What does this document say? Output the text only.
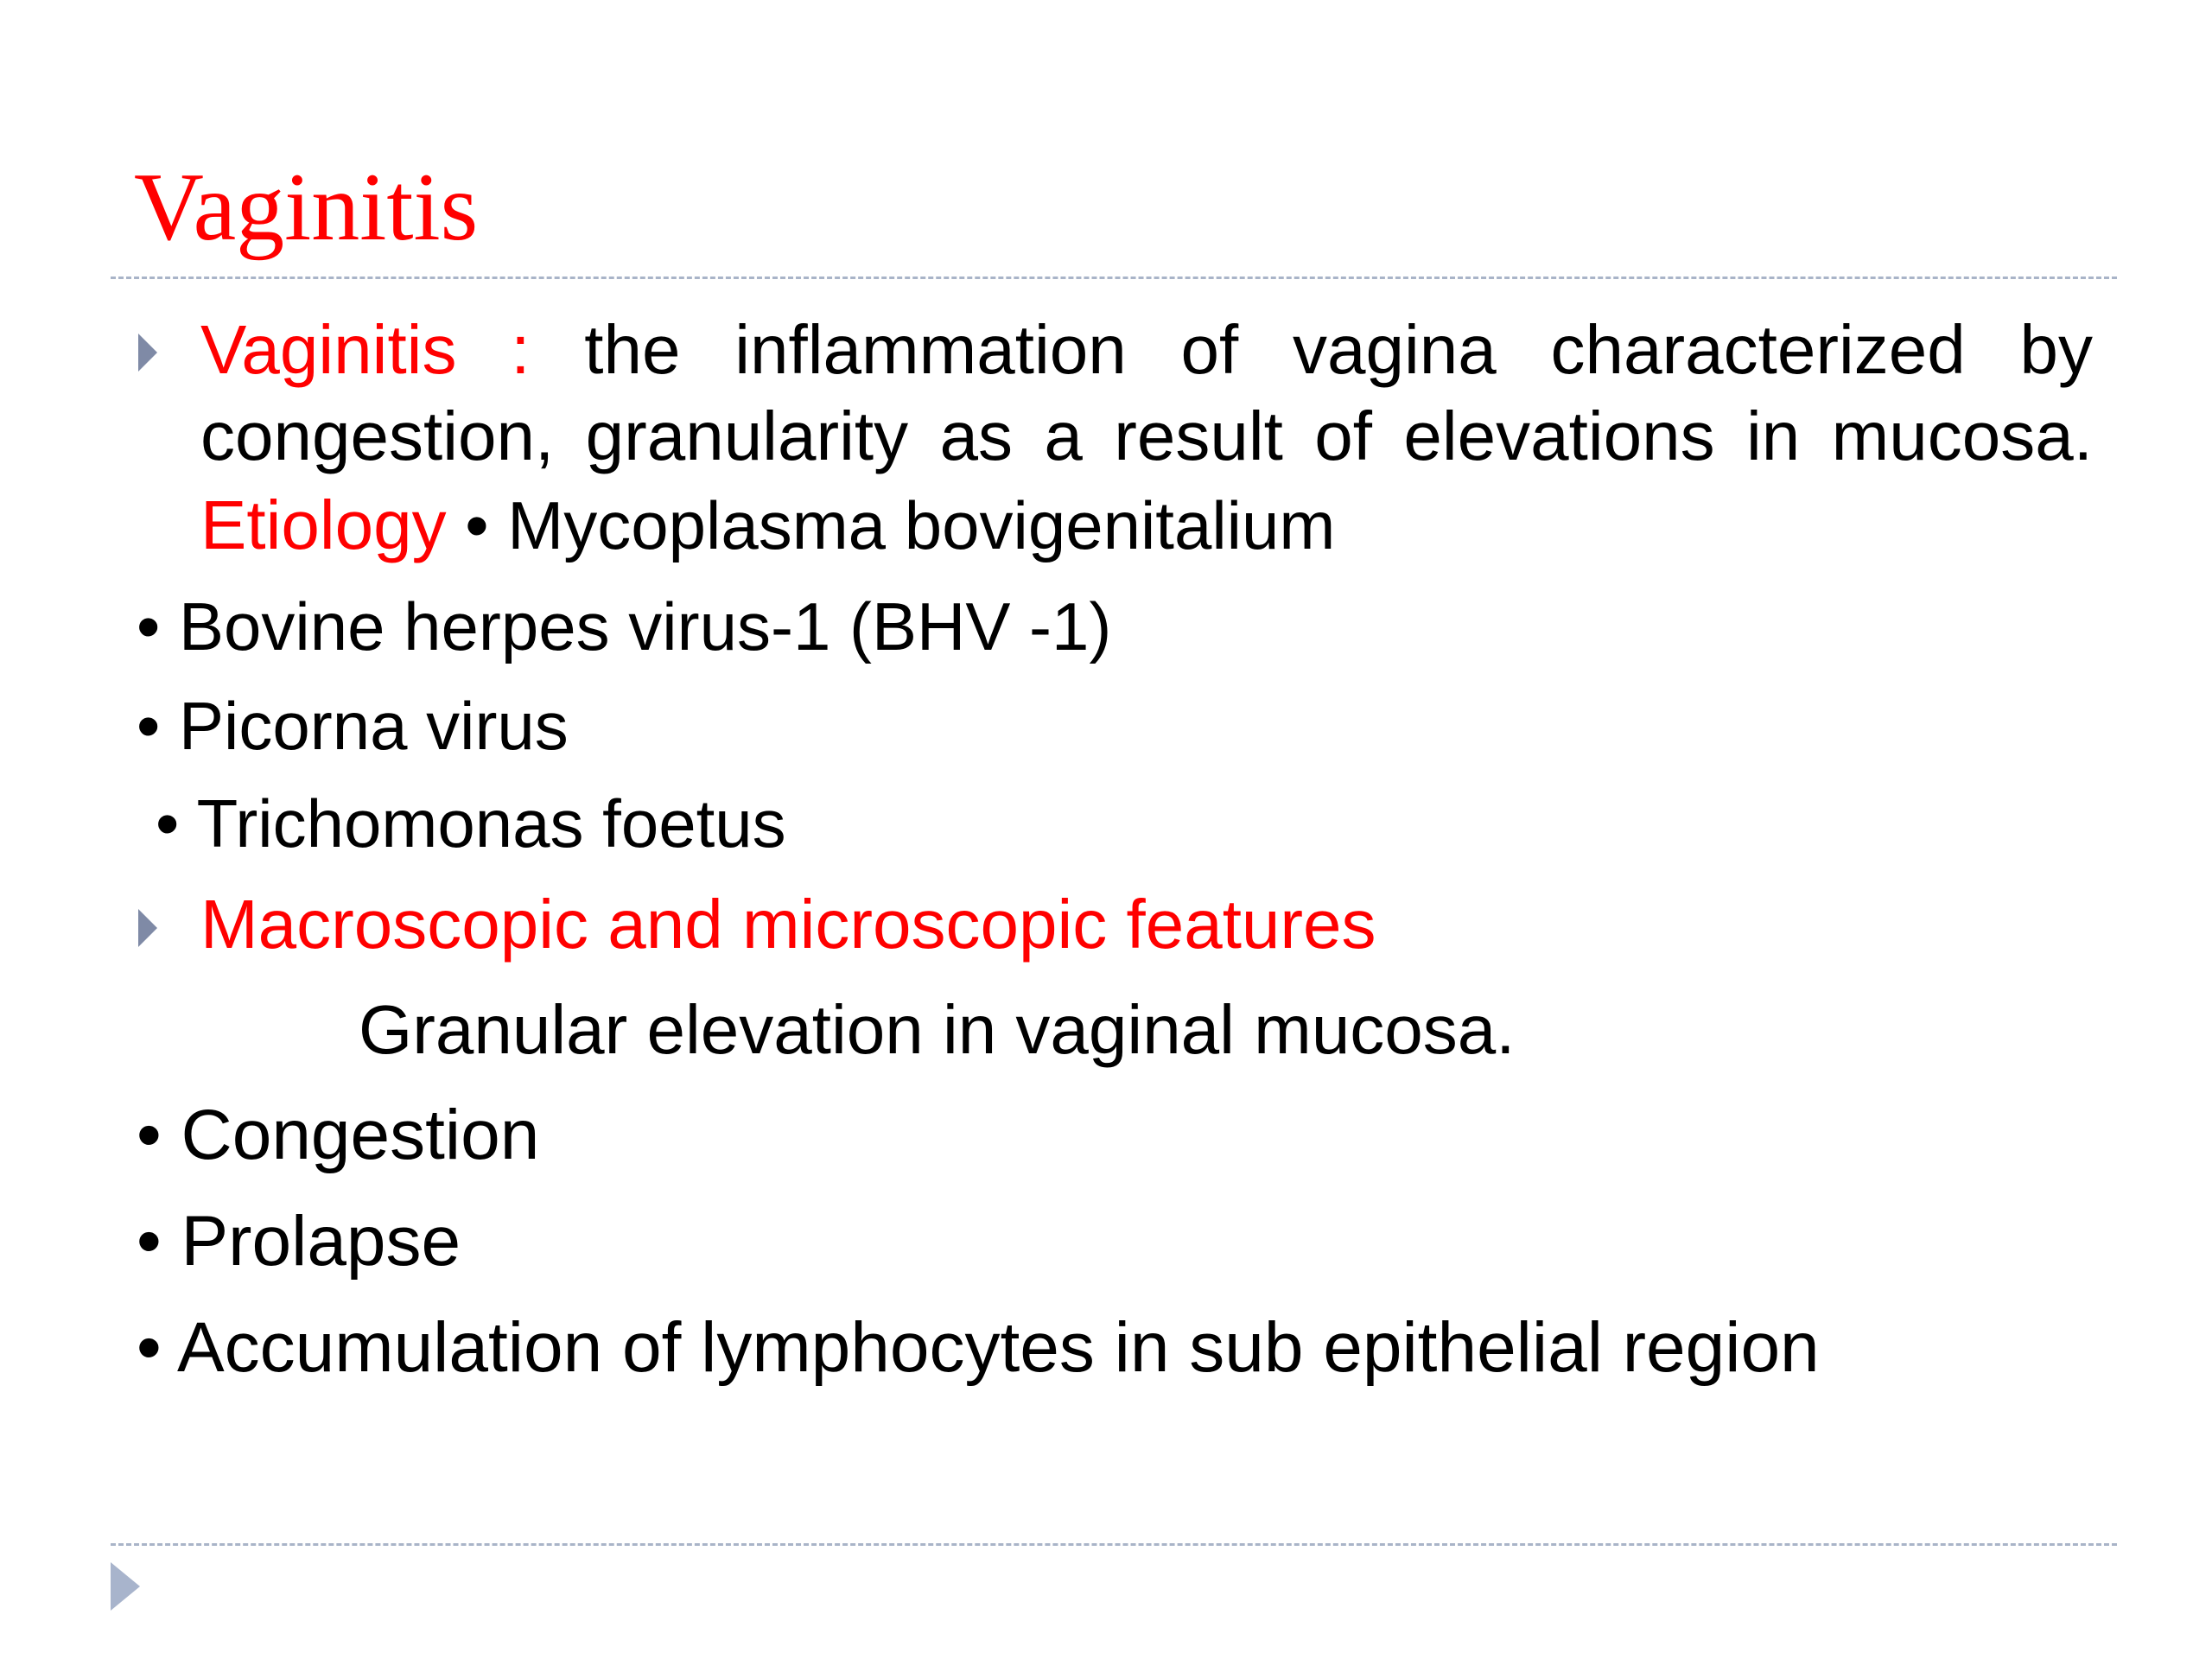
Vaginitis
Vaginitis : the inflammation of vagina characterized by
congestion, granularity as a result of elevations in mucosa.
Etiology • Mycoplasma bovigenitalium
• Bovine herpes virus-1 (BHV -1)
• Picorna virus
• Trichomonas foetus
Macroscopic and microscopic features
Granular elevation in vaginal mucosa.
• Congestion
• Prolapse
• Accumulation of lymphocytes in sub epithelial region
